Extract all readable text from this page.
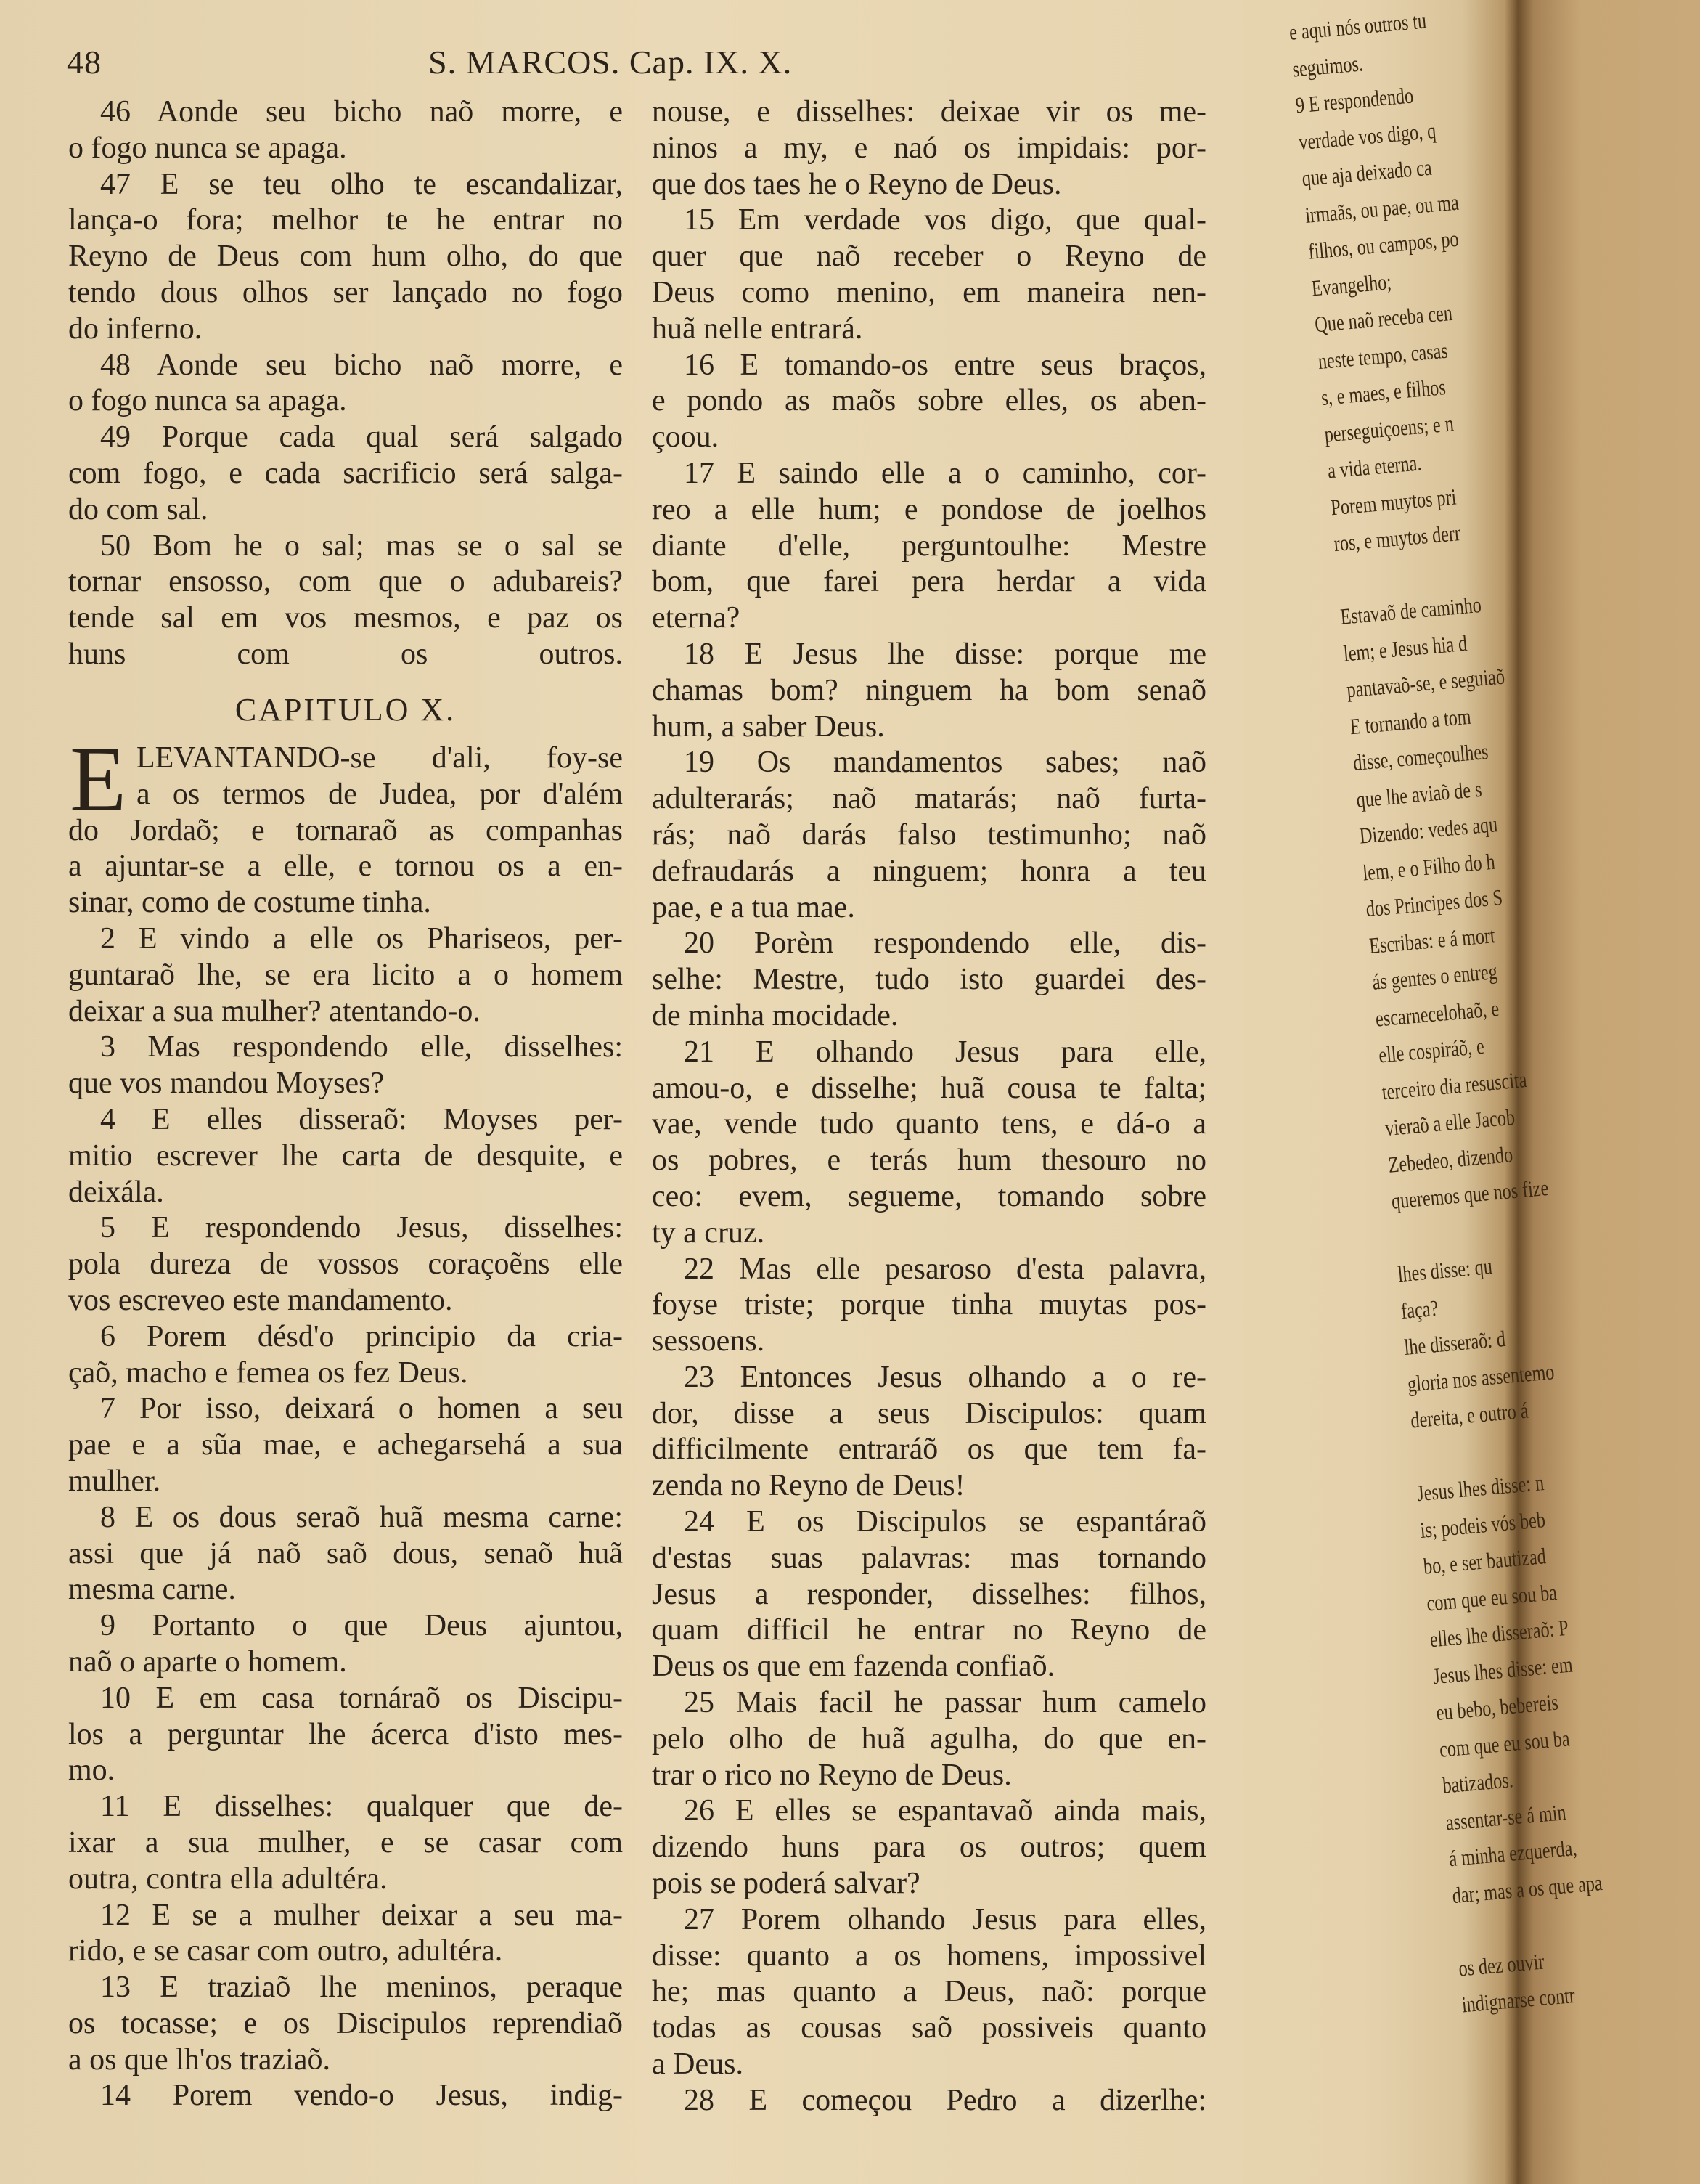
48	S. MARCOS. Cap. IX. X.
46 Aonde seu bicho naõ morre, e
o fogo nunca se apaga.
47 E se teu olho te escandalizar,
lança-o fora; melhor te he entrar no
Reyno de Deus com hum olho, do que
tendo dous olhos ser lançado no fogo
do inferno.
48 Aonde seu bicho naõ morre, e
o fogo nunca sa apaga.
49 Porque cada qual será salgado
com fogo, e cada sacrificio será salga-
do com sal.
50 Bom he o sal; mas se o sal se
tornar ensosso, com que o adubareis?
tende sal em vos mesmos, e paz os
huns com os outros.
CAPITULO X.
E LEVANTANDO-se d'ali, foy-se
a os termos de Judea, por d'além
do Jordaõ; e tornaraõ as companhas
a ajuntar-se a elle, e tornou os a en-
sinar, como de costume tinha.
2 E vindo a elle os Phariseos, per-
guntaraõ lhe, se era licito a o homem
deixar a sua mulher? atentando-o.
3 Mas respondendo elle, disselhes:
que vos mandou Moyses?
4 E elles disseraõ: Moyses per-
mitio escrever lhe carta de desquite, e
deixála.
5 E respondendo Jesus, disselhes:
pola dureza de vossos coraçoẽns elle
vos escreveo este mandamento.
6 Porem désd'o principio da cria-
çaõ, macho e femea os fez Deus.
7 Por isso, deixará o homen a seu
pae e a sũa mae, e achegarsehá a sua
mulher.
8 E os dous seraõ huã mesma carne:
assi que já naõ saõ dous, senaõ huã
mesma carne.
9 Portanto o que Deus ajuntou,
naõ o aparte o homem.
10 E em casa tornáraõ os Discipu-
los a perguntar lhe ácerca d'isto mes-
mo.
11 E disselhes: qualquer que de-
ixar a sua mulher, e se casar com
outra, contra ella adultéra.
12 E se a mulher deixar a seu ma-
rido, e se casar com outro, adultéra.
13 E traziaõ lhe meninos, peraque
os tocasse; e os Discipulos reprendiaõ
a os que lh'os traziaõ.
14 Porem vendo-o Jesus, indig-
nouse, e disselhes: deixae vir os me-
ninos a my, e naó os impidais: por-
que dos taes he o Reyno de Deus.
15 Em verdade vos digo, que qual-
quer que naõ receber o Reyno de
Deus como menino, em maneira nen-
huã nelle entrará.
16 E tomando-os entre seus braços,
e pondo as maõs sobre elles, os aben-
çoou.
17 E saindo elle a o caminho, cor-
reo a elle hum; e pondose de joelhos
diante d'elle, perguntoulhe: Mestre
bom, que farei pera herdar a vida
eterna?
18 E Jesus lhe disse: porque me
chamas bom? ninguem ha bom senaõ
hum, a saber Deus.
19 Os mandamentos sabes; naõ
adulterarás; naõ matarás; naõ furta-
rás; naõ darás falso testimunho; naõ
defraudarás a ninguem; honra a teu
pae, e a tua mae.
20 Porèm respondendo elle, dis-
selhe: Mestre, tudo isto guardei des-
de minha mocidade.
21 E olhando Jesus para elle,
amou-o, e disselhe; huã cousa te falta;
vae, vende tudo quanto tens, e dá-o a
os pobres, e terás hum thesouro no
ceo: evem, segueme, tomando sobre
ty a cruz.
22 Mas elle pesaroso d'esta palavra,
foyse triste; porque tinha muytas pos-
sessoens.
23 Entonces Jesus olhando a o re-
dor, disse a seus Discipulos: quam
difficilmente entraráõ os que tem fa-
zenda no Reyno de Deus!
24 E os Discipulos se espantáraõ
d'estas suas palavras: mas tornando
Jesus a responder, disselhes: filhos,
quam difficil he entrar no Reyno de
Deus os que em fazenda confiaõ.
25 Mais facil he passar hum camelo
pelo olho de huã agulha, do que en-
trar o rico no Reyno de Deus.
26 E elles se espantavaõ ainda mais,
dizendo huns para os outros; quem
pois se poderá salvar?
27 Porem olhando Jesus para elles,
disse: quanto a os homens, impossivel
he; mas quanto a Deus, naõ: porque
todas as cousas saõ possiveis quanto
a Deus.
28 E começou Pedro a dizerlhe:
e aqui nós outros tu
seguimos.
9 E respondendo
verdade vos digo, q
que aja deixado ca
irmaãs, ou pae, ou ma
filhos, ou campos, po
Evangelho;
Que naõ receba cen
neste tempo, casas
s, e maes, e filhos
perseguiçoens; e n
a vida eterna.
Porem muytos pri
ros, e muytos derr
Estavaõ de caminho
lem; e Jesus hia d
pantavaõ-se, e seguiaõ
E tornando a tom
disse, começoulhes
que lhe aviaõ de s
Dizendo: vedes aqu
lem, e o Filho do h
dos Principes dos S
Escribas: e á mort
ás gentes o entreg
escarnecelohaõ, e
elle cospiráõ, e
terceiro dia resuscita
vieraõ a elle Jacob
Zebedeo, dizendo
queremos que nos fize
lhes disse: qu
faça?
lhe disseraõ: d
gloria nos assentemo
dereita, e outro á
Jesus lhes disse: n
is; podeis vós beb
bo, e ser bautizad
com que eu sou ba
elles lhe disseraõ: P
Jesus lhes disse: em
eu bebo, bebereis
com que eu sou ba
batizados.
assentar-se á min
á minha ezquerda,
dar; mas a os que apa
os dez ouvir
indignarse contr
